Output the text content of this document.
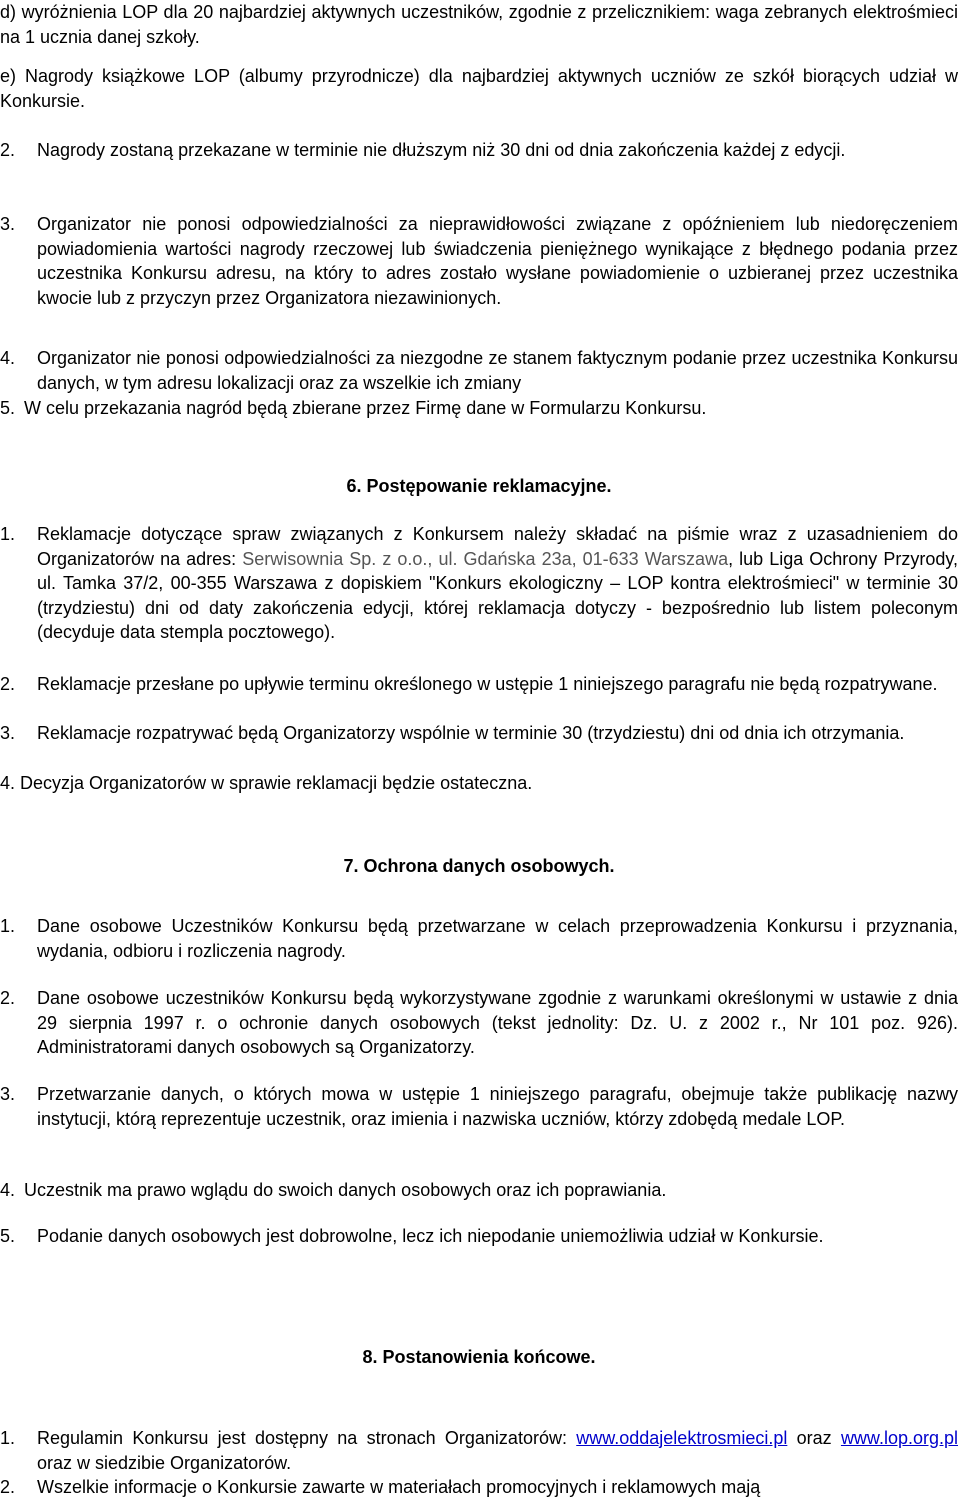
d) wyróżnienia LOP dla 20 najbardziej aktywnych uczestników, zgodnie z przelicznikiem: waga zebranych elektrośmieci na 1 ucznia danej szkoły.

e) Nagrody książkowe LOP (albumy przyrodnicze) dla najbardziej aktywnych uczniów ze szkół biorących udział w Konkursie.

2. Nagrody zostaną przekazane w terminie nie dłuższym niż 30 dni od dnia zakończenia każdej z edycji.
3. Organizator nie ponosi odpowiedzialności za nieprawidłowości związane z opóźnieniem lub niedoręczeniem powiadomienia wartości nagrody rzeczowej lub świadczenia pieniężnego wynikające z błędnego podania przez uczestnika Konkursu adresu, na który to adres zostało wysłane powiadomienie o uzbieranej przez uczestnika kwocie lub z przyczyn przez Organizatora niezawinionych.
4. Organizator nie ponosi odpowiedzialności za niezgodne ze stanem faktycznym podanie przez uczestnika Konkursu danych, w tym adresu lokalizacji oraz za wszelkie ich zmiany
5. W celu przekazania nagród będą zbierane przez Firmę dane w Formularzu Konkursu.
6. Postępowanie reklamacyjne.
1. Reklamacje dotyczące spraw związanych z Konkursem należy składać na piśmie wraz z uzasadnieniem do Organizatorów na adres: Serwisownia Sp. z o.o., ul. Gdańska 23a, 01-633 Warszawa, lub Liga Ochrony Przyrody, ul. Tamka 37/2, 00-355 Warszawa z dopiskiem "Konkurs ekologiczny – LOP kontra elektrośmieci" w terminie 30 (trzydziestu) dni od daty zakończenia edycji, której reklamacja dotyczy - bezpośrednio lub listem poleconym (decyduje data stempla pocztowego).
2. Reklamacje przesłane po upływie terminu określonego w ustępie 1 niniejszego paragrafu nie będą rozpatrywane.
3. Reklamacje rozpatrywać będą Organizatorzy wspólnie w terminie 30 (trzydziestu) dni od dnia ich otrzymania.
4. Decyzja Organizatorów w sprawie reklamacji będzie ostateczna.
7. Ochrona danych osobowych.
1. Dane osobowe Uczestników Konkursu będą przetwarzane w celach przeprowadzenia Konkursu i przyznania, wydania, odbioru i rozliczenia nagrody.
2. Dane osobowe uczestników Konkursu będą wykorzystywane zgodnie z warunkami określonymi w ustawie z dnia 29 sierpnia 1997 r. o ochronie danych osobowych (tekst jednolity: Dz. U. z 2002 r., Nr 101 poz. 926). Administratorami danych osobowych są Organizatorzy.
3. Przetwarzanie danych, o których mowa w ustępie 1 niniejszego paragrafu, obejmuje także publikację nazwy instytucji, którą reprezentuje uczestnik, oraz imienia i nazwiska uczniów, którzy zdobędą medale LOP.
4. Uczestnik ma prawo wglądu do swoich danych osobowych oraz ich poprawiania.
5. Podanie danych osobowych jest dobrowolne, lecz ich niepodanie uniemożliwia udział w Konkursie.
8. Postanowienia końcowe.
1. Regulamin Konkursu jest dostępny na stronach Organizatorów: www.oddajelektrosmieci.pl oraz www.lop.org.pl oraz w siedzibie Organizatorów.
2. Wszelkie informacje o Konkursie zawarte w materiałach promocyjnych i reklamowych mają
